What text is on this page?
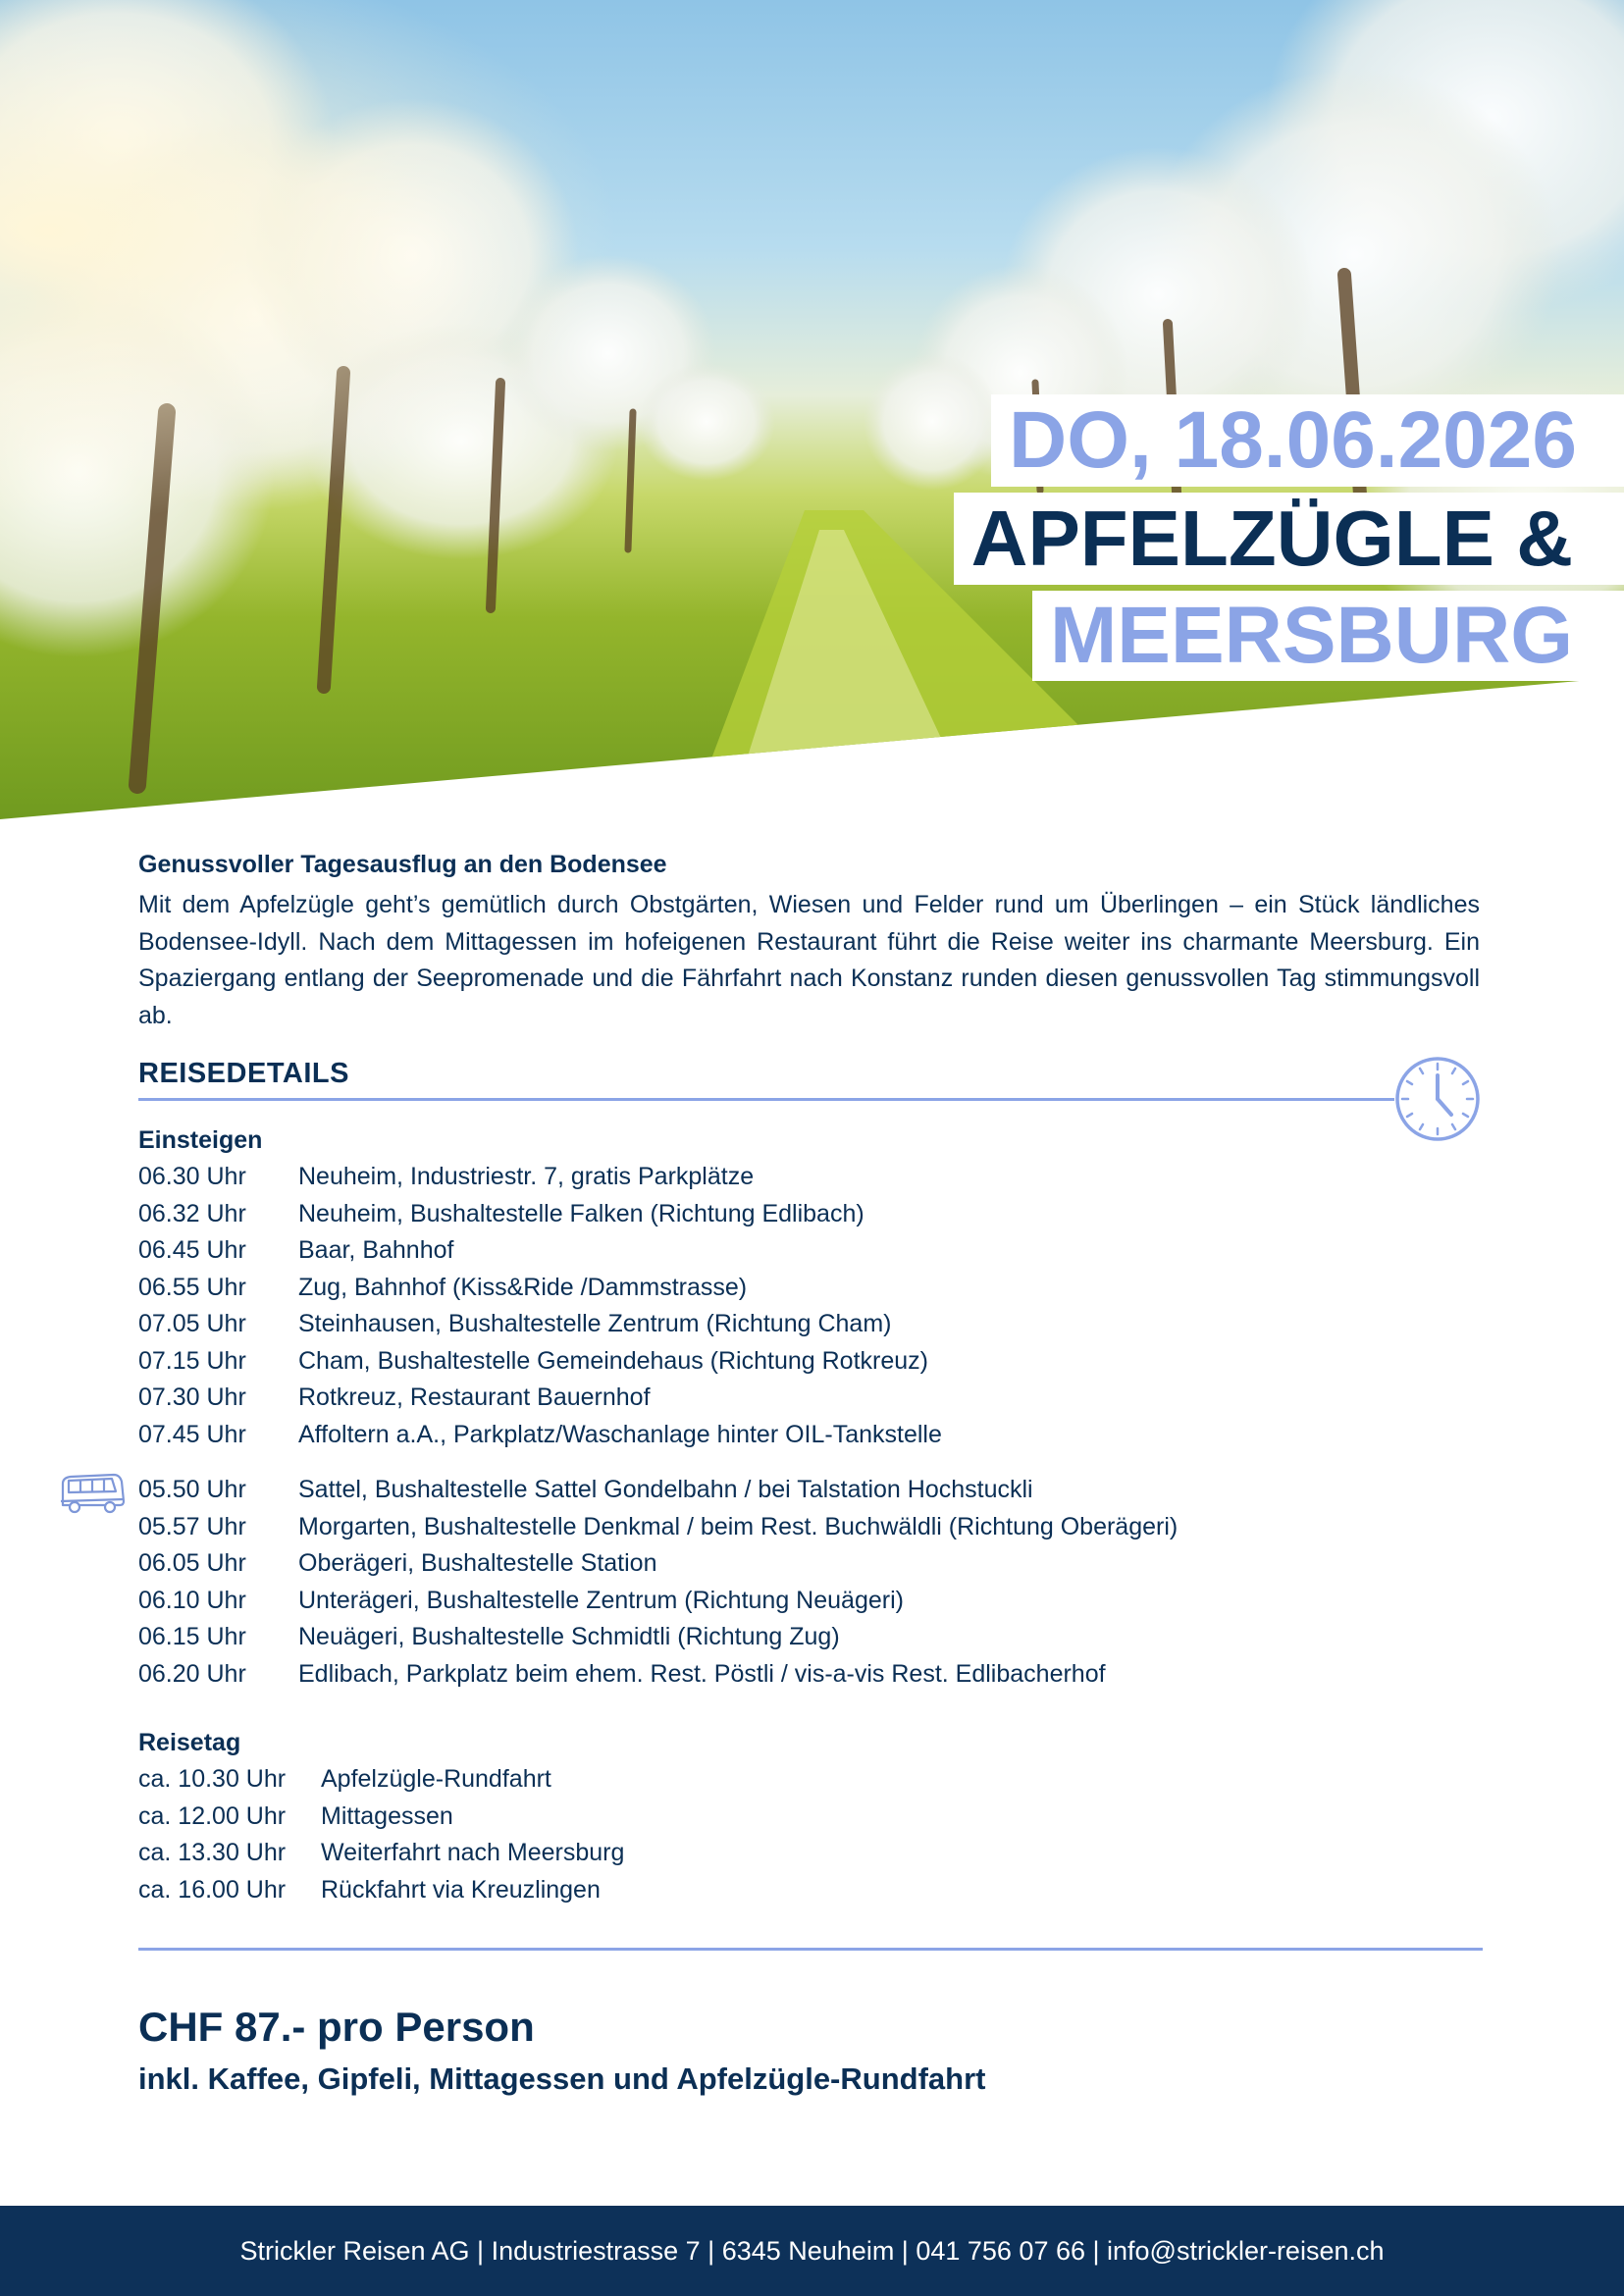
DO, 18.06.2026
APFELZÜGLE &
MEERSBURG

Genussvoller Tagesausflug an den Bodensee

Mit dem Apfelzügle geht’s gemütlich durch Obstgärten, Wiesen und Felder rund um Überlingen – ein Stück ländliches Bodensee-Idyll. Nach dem Mittagessen im hofeigenen Restaurant führt die Reise weiter ins charmante Meersburg. Ein Spaziergang entlang der Seepromenade und die Fährfahrt nach Konstanz runden diesen genussvollen Tag stimmungsvoll ab.

REISEDETAILS
Einsteigen
06.30 Uhr	Neuheim, Industriestr. 7, gratis Parkplätze
06.32 Uhr	Neuheim, Bushaltestelle Falken (Richtung Edlibach)
06.45 Uhr	Baar, Bahnhof
06.55 Uhr	Zug, Bahnhof (Kiss&Ride /Dammstrasse)
07.05 Uhr	Steinhausen, Bushaltestelle Zentrum (Richtung Cham)
07.15 Uhr	Cham, Bushaltestelle Gemeindehaus (Richtung Rotkreuz)
07.30 Uhr	Rotkreuz, Restaurant Bauernhof
07.45 Uhr	Affoltern a.A., Parkplatz/Waschanlage hinter OIL-Tankstelle
05.50 Uhr	Sattel, Bushaltestelle Sattel Gondelbahn / bei Talstation Hochstuckli
05.57 Uhr	Morgarten, Bushaltestelle Denkmal / beim Rest. Buchwäldli (Richtung Oberägeri)
06.05 Uhr	Oberägeri, Bushaltestelle Station
06.10 Uhr	Unterägeri, Bushaltestelle Zentrum (Richtung Neuägeri)
06.15 Uhr	Neuägeri, Bushaltestelle Schmidtli (Richtung Zug)
06.20 Uhr	Edlibach, Parkplatz beim ehem. Rest. Pöstli / vis-a-vis Rest. Edlibacherhof
Reisetag
ca. 10.30 Uhr	Apfelzügle-Rundfahrt
ca. 12.00 Uhr	Mittagessen
ca. 13.30 Uhr	Weiterfahrt nach Meersburg
ca. 16.00 Uhr	Rückfahrt via Kreuzlingen
CHF 87.- pro Person
inkl. Kaffee, Gipfeli, Mittagessen und Apfelzügle-Rundfahrt
Strickler Reisen AG | Industriestrasse 7 | 6345 Neuheim | 041 756 07 66 | info@strickler-reisen.ch
